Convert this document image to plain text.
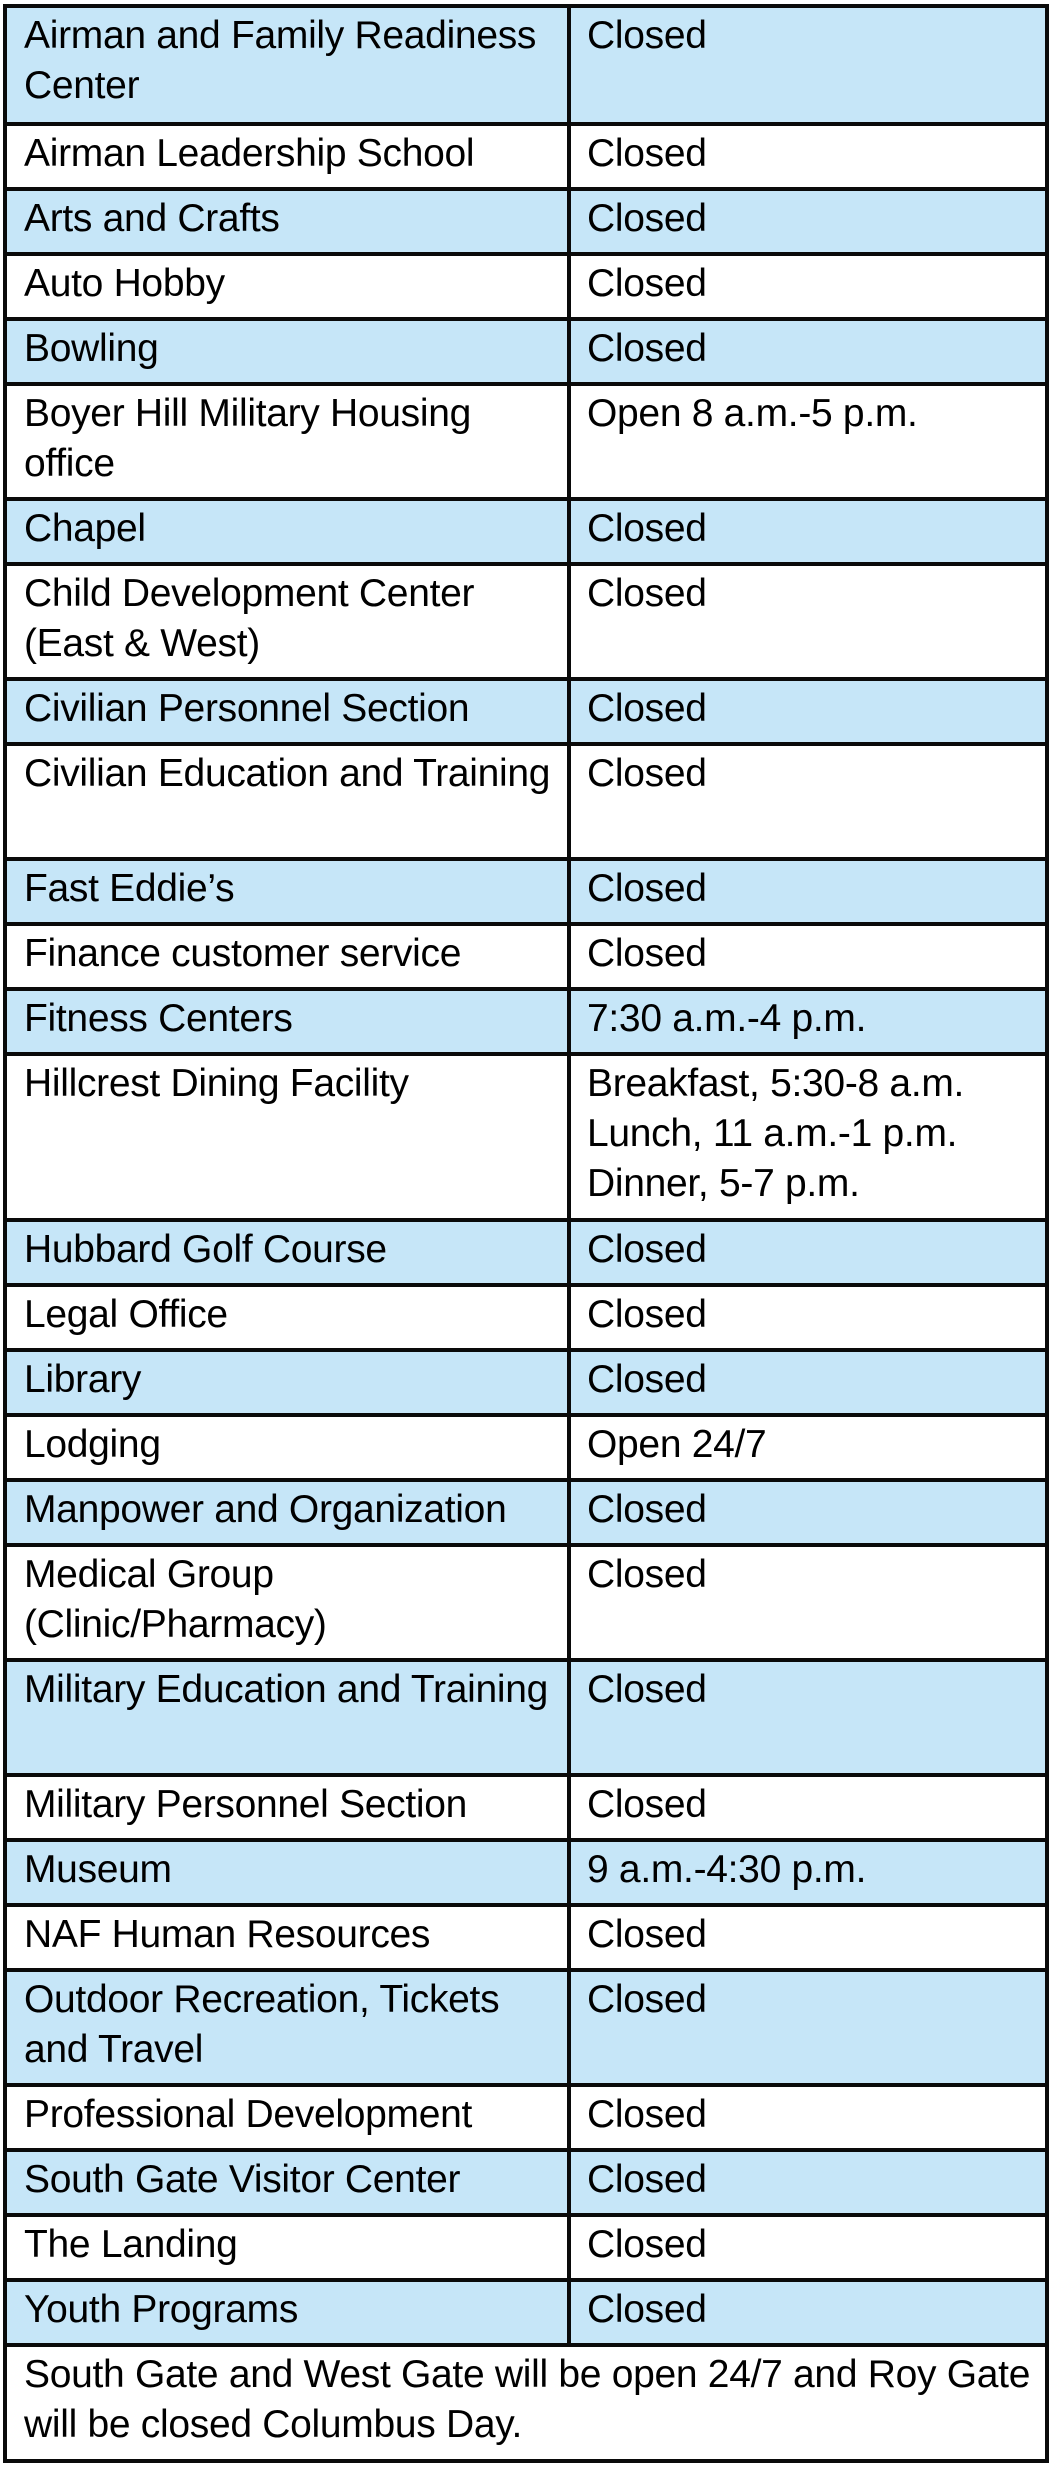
Airman and Family Readiness Center	Closed
Airman Leadership School	Closed
Arts and Crafts	Closed
Auto Hobby	Closed
Bowling	Closed
Boyer Hill Military Housing office	Open 8 a.m.-5 p.m.
Chapel	Closed
Child Development Center (East & West)	Closed
Civilian Personnel Section	Closed
Civilian Education and Training	Closed
Fast Eddie’s	Closed
Finance customer service	Closed
Fitness Centers	7:30 a.m.-4 p.m.
Hillcrest Dining Facility	Breakfast, 5:30-8 a.m.
Lunch, 11 a.m.-1 p.m.
Dinner, 5-7 p.m.

Hubbard Golf Course	Closed
Legal Office	Closed
Library	Closed
Lodging	Open 24/7
Manpower and Organization	Closed
Medical Group (Clinic/Pharmacy)	Closed
Military Education and Training	Closed
Military Personnel Section	Closed
Museum	9 a.m.-4:30 p.m.
NAF Human Resources	Closed
Outdoor Recreation, Tickets and Travel	Closed
Professional Development	Closed
South Gate Visitor Center	Closed
The Landing	Closed
Youth Programs	Closed
South Gate and West Gate will be open 24/7 and Roy Gate will be closed Columbus Day.	
